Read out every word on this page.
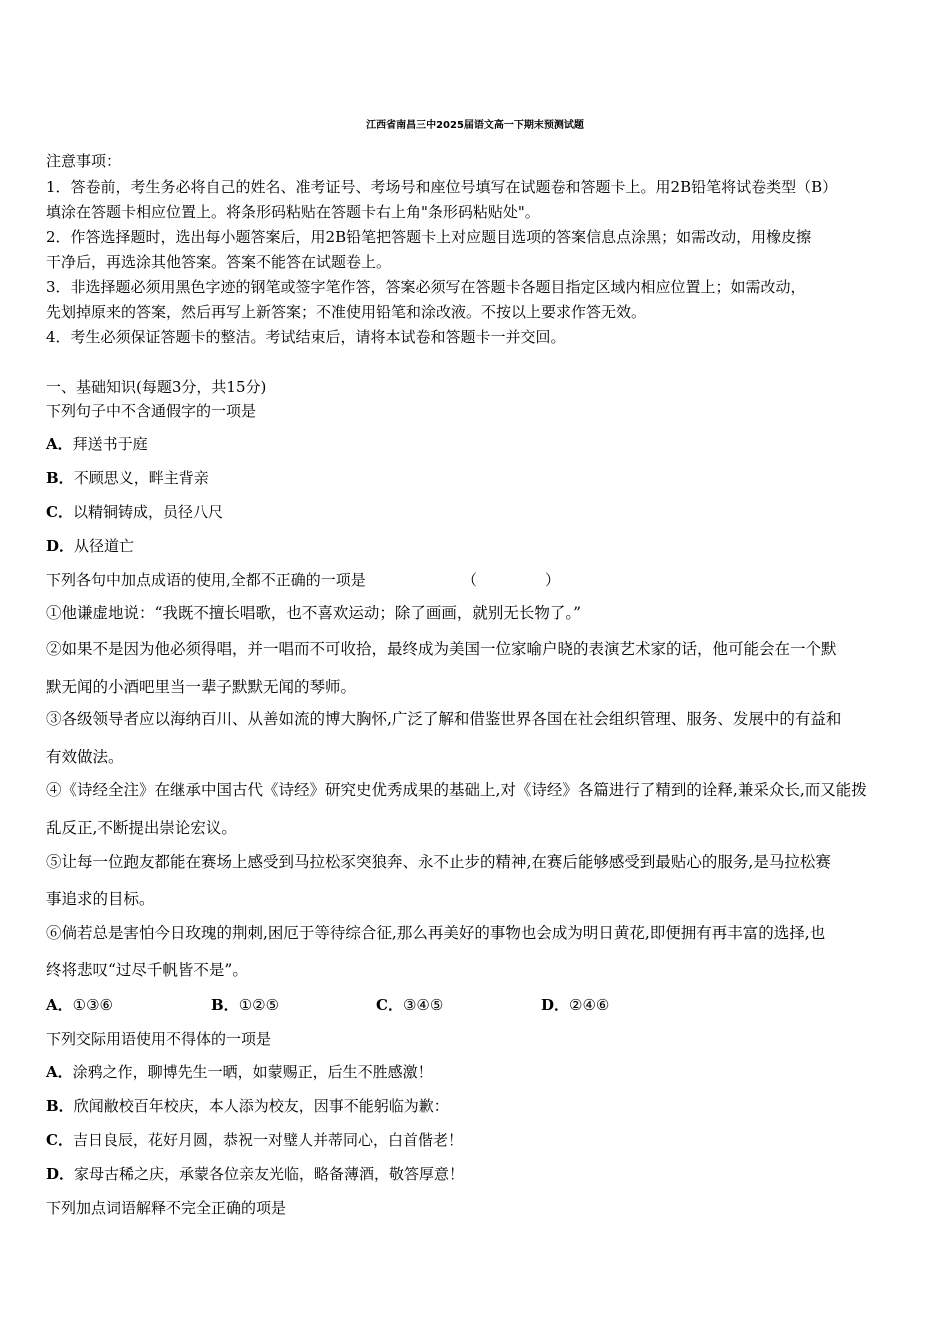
江西省南昌三中2025届语文高一下期末预测试题
注意事项：
1．答卷前，考生务必将自己的姓名、准考证号、考场号和座位号填写在试题卷和答题卡上。用2B铅笔将试卷类型（B）
填涂在答题卡相应位置上。将条形码粘贴在答题卡右上角"条形码粘贴处"。
2．作答选择题时，选出每小题答案后，用2B铅笔把答题卡上对应题目选项的答案信息点涂黑；如需改动，用橡皮擦
干净后，再选涂其他答案。答案不能答在试题卷上。
3．非选择题必须用黑色字迹的钢笔或签字笔作答，答案必须写在答题卡各题目指定区域内相应位置上；如需改动，
先划掉原来的答案，然后再写上新答案；不准使用铅笔和涂改液。不按以上要求作答无效。
4．考生必须保证答题卡的整洁。考试结束后，请将本试卷和答题卡一并交回。
一、基础知识(每题3分，共15分)
下列句子中不含通假字的一项是
A．拜送书于庭
B．不顾思义，畔主背亲
C．以精铜铸成，员径八尺
D．从径道亡
下列各句中加点成语的使用,全都不正确的一项是	（	）
①他谦虚地说：“我既不擅长唱歌，也不喜欢运动；除了画画，就别无长物了。”
②如果不是因为他必须得唱，并一唱而不可收拾，最终成为美国一位家喻户晓的表演艺术家的话，他可能会在一个默
默无闻的小酒吧里当一辈子默默无闻的琴师。
③各级领导者应以海纳百川、从善如流的博大胸怀,广泛了解和借鉴世界各国在社会组织管理、服务、发展中的有益和
有效做法。
④《诗经全注》在继承中国古代《诗经》研究史优秀成果的基础上,对《诗经》各篇进行了精到的诠释,兼采众长,而又能拨
乱反正,不断提出崇论宏议。
⑤让每一位跑友都能在赛场上感受到马拉松豕突狼奔、永不止步的精神,在赛后能够感受到最贴心的服务,是马拉松赛
事追求的目标。
⑥倘若总是害怕今日玫瑰的荆刺,困厄于等待综合征,那么再美好的事物也会成为明日黄花,即便拥有再丰富的选择,也
终将悲叹“过尽千帆皆不是”。
A．①③⑥	B．①②⑤	C．③④⑤	D．②④⑥
下列交际用语使用不得体的一项是
A．涂鸦之作，聊博先生一晒，如蒙赐正，后生不胜感激！
B．欣闻敝校百年校庆，本人添为校友，因事不能躬临为歉：
C．吉日良辰，花好月圆，恭祝一对璧人并蒂同心，白首偕老！
D．家母古稀之庆，承蒙各位亲友光临，略备薄酒，敬答厚意！
下列加点词语解释不完全正确的项是
